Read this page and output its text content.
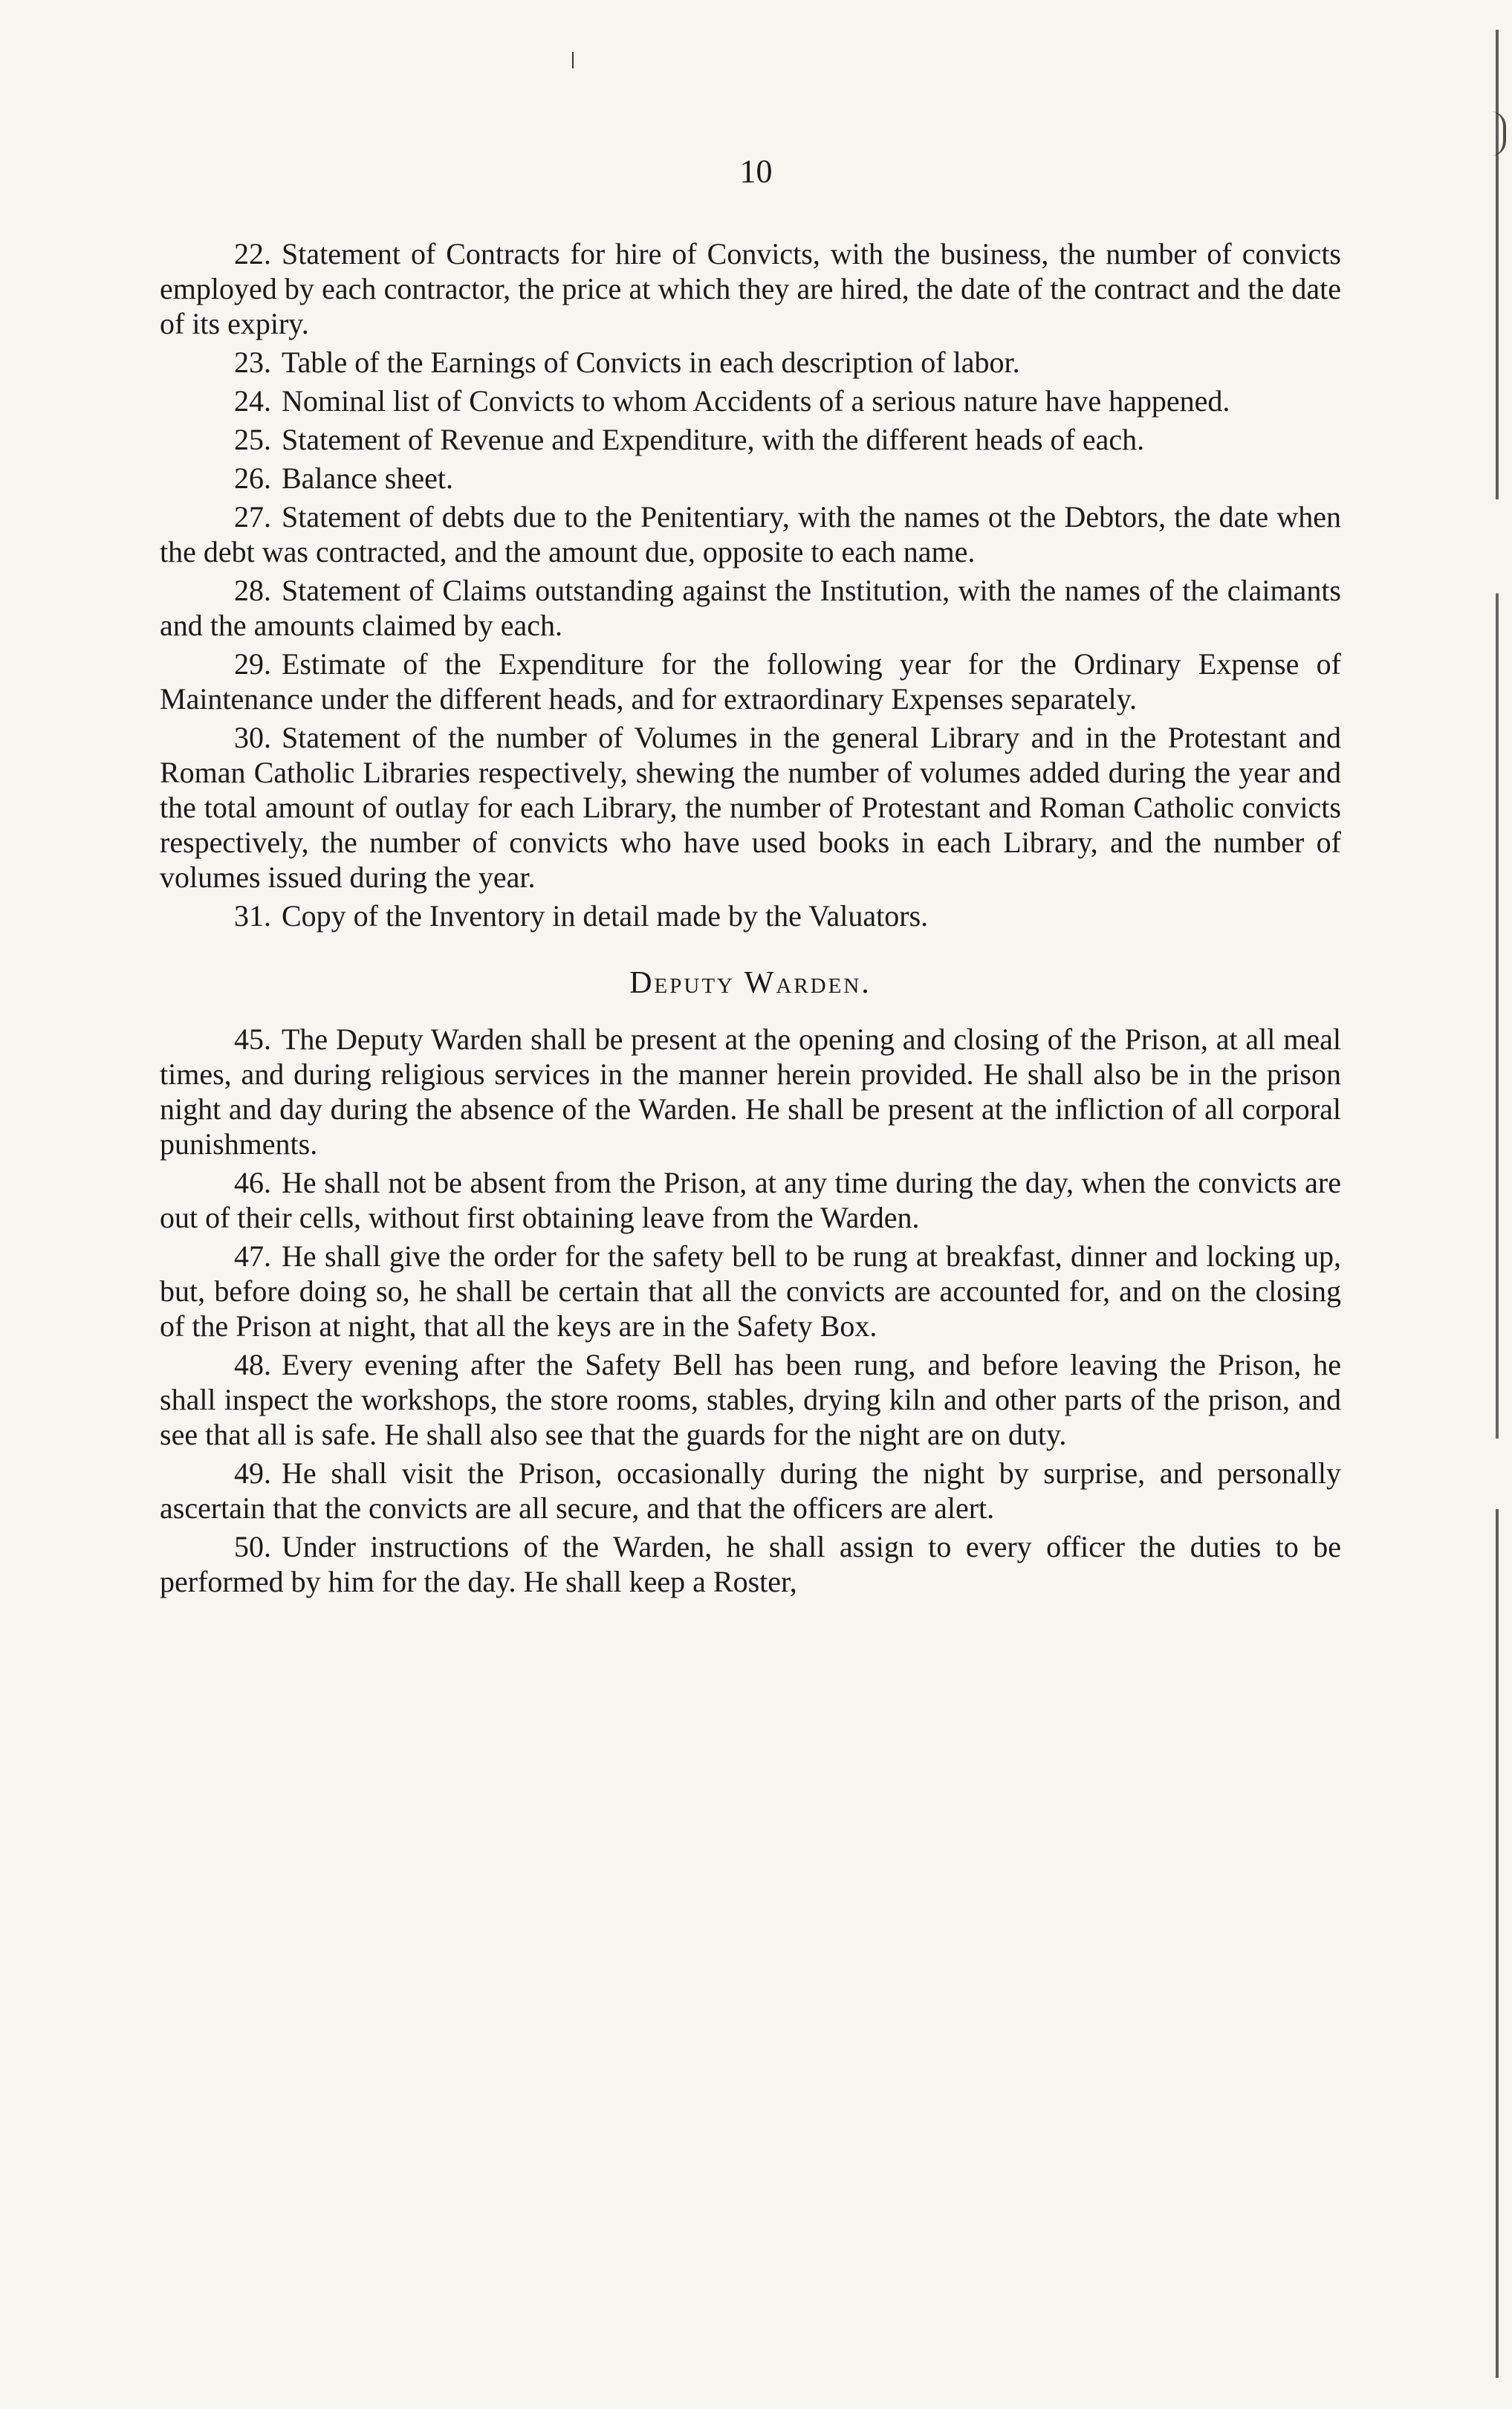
10

22. Statement of Contracts for hire of Convicts, with the business, the number of convicts employed by each contractor, the price at which they are hired, the date of the contract and the date of its expiry.

23. Table of the Earnings of Convicts in each description of labor.

24. Nominal list of Convicts to whom Accidents of a serious nature have happened.

25. Statement of Revenue and Expenditure, with the different heads of each.

26. Balance sheet.

27. Statement of debts due to the Penitentiary, with the names ot the Debtors, the date when the debt was contracted, and the amount due, opposite to each name.

28. Statement of Claims outstanding against the Institution, with the names of the claimants and the amounts claimed by each.

29. Estimate of the Expenditure for the following year for the Ordinary Expense of Maintenance under the different heads, and for extraordinary Expenses separately.

30. Statement of the number of Volumes in the general Library and in the Protestant and Roman Catholic Libraries respectively, shewing the number of volumes added during the year and the total amount of outlay for each Library, the number of Protestant and Roman Catholic convicts respectively, the number of convicts who have used books in each Library, and the number of volumes issued during the year.

31. Copy of the Inventory in detail made by the Valuators.

Deputy Warden.

45. The Deputy Warden shall be present at the opening and closing of the Prison, at all meal times, and during religious services in the manner herein provided. He shall also be in the prison night and day during the absence of the Warden. He shall be present at the infliction of all corporal punishments.

46. He shall not be absent from the Prison, at any time during the day, when the convicts are out of their cells, without first obtaining leave from the Warden.

47. He shall give the order for the safety bell to be rung at breakfast, dinner and locking up, but, before doing so, he shall be certain that all the convicts are accounted for, and on the closing of the Prison at night, that all the keys are in the Safety Box.

48. Every evening after the Safety Bell has been rung, and before leaving the Prison, he shall inspect the workshops, the store rooms, stables, drying kiln and other parts of the prison, and see that all is safe. He shall also see that the guards for the night are on duty.

49. He shall visit the Prison, occasionally during the night by surprise, and personally ascertain that the convicts are all secure, and that the officers are alert.

50. Under instructions of the Warden, he shall assign to every officer the duties to be performed by him for the day. He shall keep a Roster,
